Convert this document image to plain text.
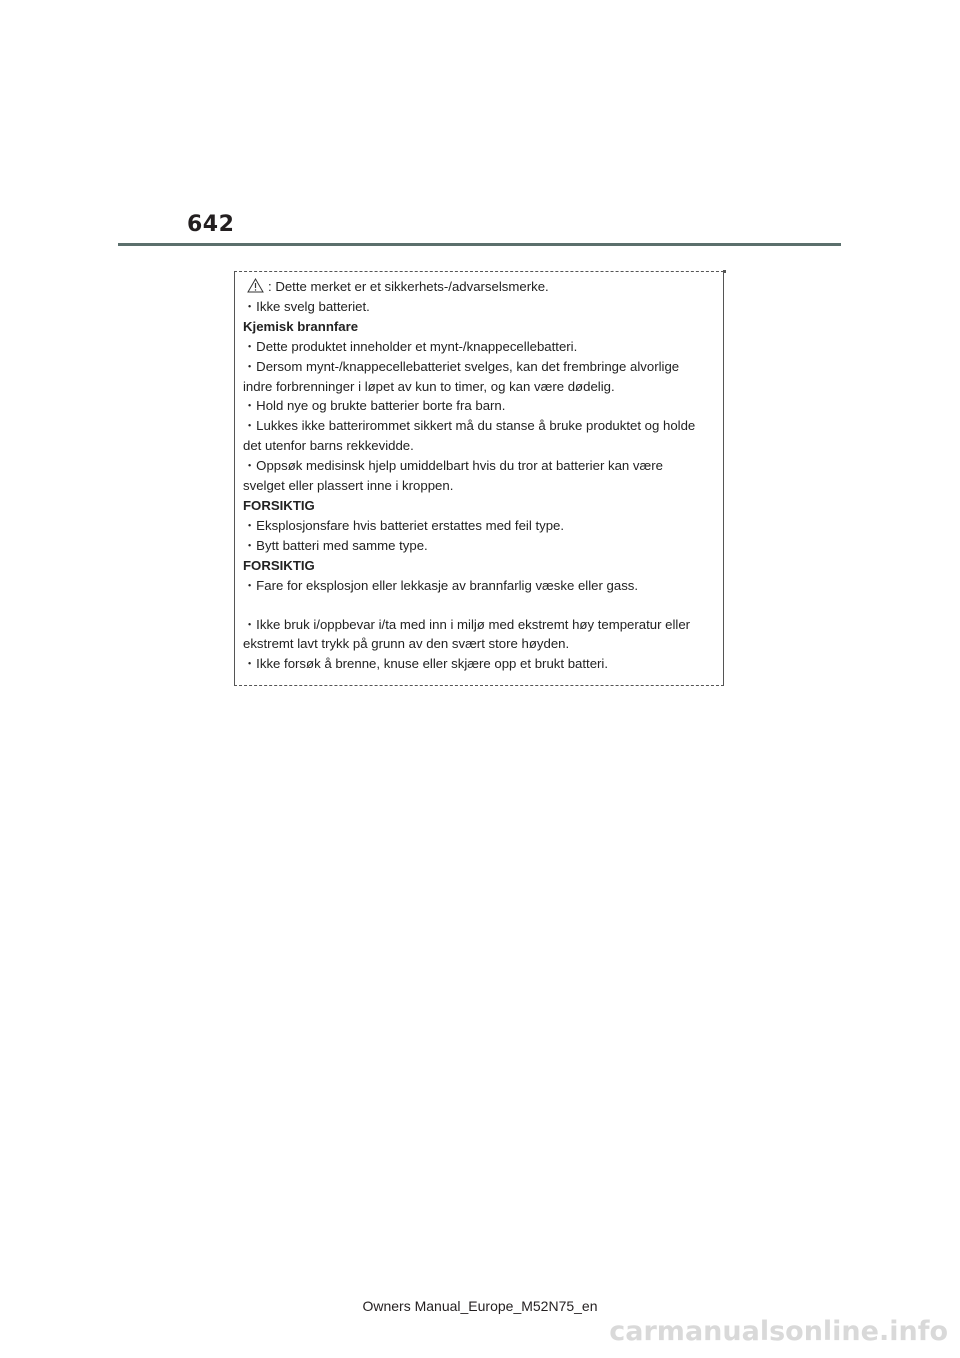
642
: Dette merket er et sikkerhets-/advarselsmerke.
・Ikke svelg batteriet.
Kjemisk brannfare
・Dette produktet inneholder et mynt-/knappecellebatteri.
・Dersom mynt-/knappecellebatteriet svelges, kan det frembringe alvorlige
indre forbrenninger i løpet av kun to timer, og kan være dødelig.
・Hold nye og brukte batterier borte fra barn.
・Lukkes ikke batterirommet sikkert må du stanse å bruke produktet og holde
det utenfor barns rekkevidde.
・Oppsøk medisinsk hjelp umiddelbart hvis du tror at batterier kan være
svelget eller plassert inne i kroppen.
FORSIKTIG
・Eksplosjonsfare hvis batteriet erstattes med feil type.
・Bytt batteri med samme type.
FORSIKTIG
・Fare for eksplosjon eller lekkasje av brannfarlig væske eller gass.
・Ikke bruk i/oppbevar i/ta med inn i miljø med ekstremt høy temperatur eller
ekstremt lavt trykk på grunn av den svært store høyden.
・Ikke forsøk å brenne, knuse eller skjære opp et brukt batteri.
Owners Manual_Europe_M52N75_en
carmanualsonline.info
